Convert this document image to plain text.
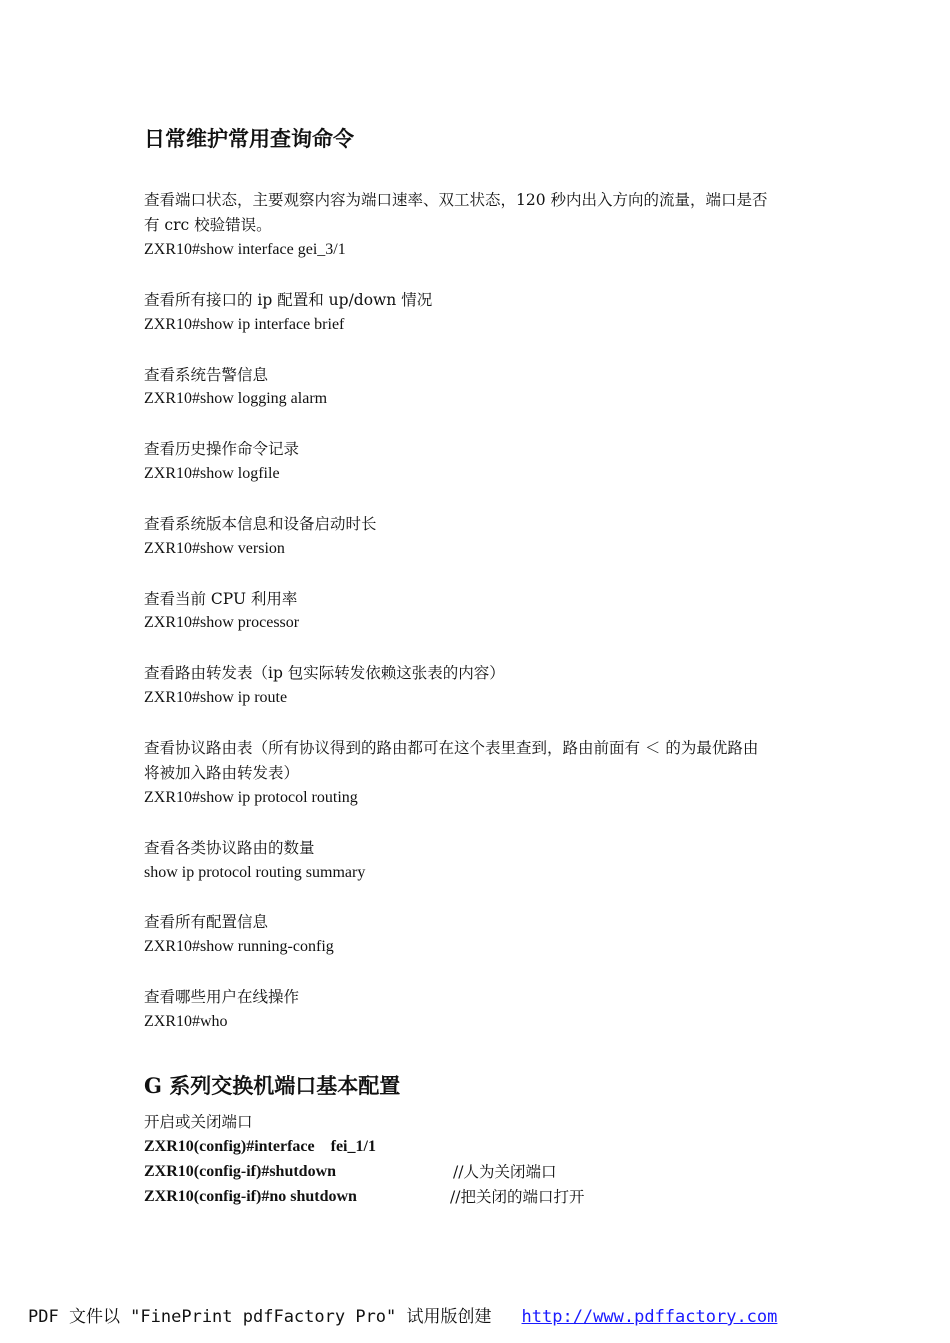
日常维护常用查询命令
查看端口状态，主要观察内容为端口速率、双工状态，120 秒内出入方向的流量，端口是否
有 crc 校验错误。
ZXR10#show interface gei_3/1
查看所有接口的 ip 配置和 up/down 情况
ZXR10#show ip interface brief
查看系统告警信息
ZXR10#show logging alarm
查看历史操作命令记录
ZXR10#show logfile
查看系统版本信息和设备启动时长
ZXR10#show version
查看当前 CPU 利用率
ZXR10#show processor
查看路由转发表（ip 包实际转发依赖这张表的内容）
ZXR10#show ip route
查看协议路由表（所有协议得到的路由都可在这个表里查到，路由前面有 ＜ 的为最优路由
将被加入路由转发表）
ZXR10#show ip protocol routing
查看各类协议路由的数量
show ip protocol routing summary
查看所有配置信息
ZXR10#show running-config
查看哪些用户在线操作
ZXR10#who
G 系列交换机端口基本配置
开启或关闭端口
ZXR10(config)#interface    fei_1/1
ZXR10(config-if)#shutdown	//人为关闭端口
ZXR10(config-if)#no shutdown	//把关闭的端口打开
PDF 文件以 "FinePrint pdfFactory Pro" 试用版创建 http://www.pdffactory.com
